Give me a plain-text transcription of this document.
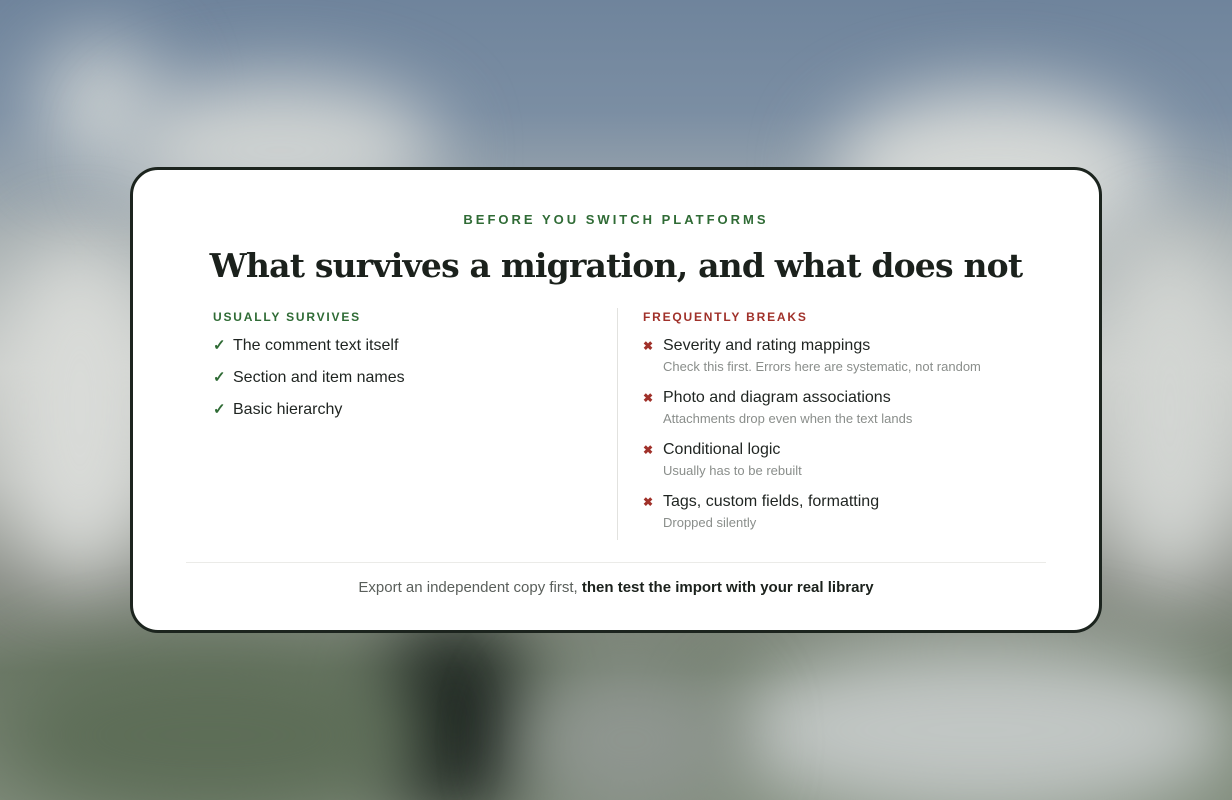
BEFORE YOU SWITCH PLATFORMS
What survives a migration, and what does not
USUALLY SURVIVES
✓ The comment text itself
✓ Section and item names
✓ Basic hierarchy
FREQUENTLY BREAKS
✖ Severity and rating mappings
Check this first. Errors here are systematic, not random
✖ Photo and diagram associations
Attachments drop even when the text lands
✖ Conditional logic
Usually has to be rebuilt
✖ Tags, custom fields, formatting
Dropped silently

Export an independent copy first, then test the import with your real library
